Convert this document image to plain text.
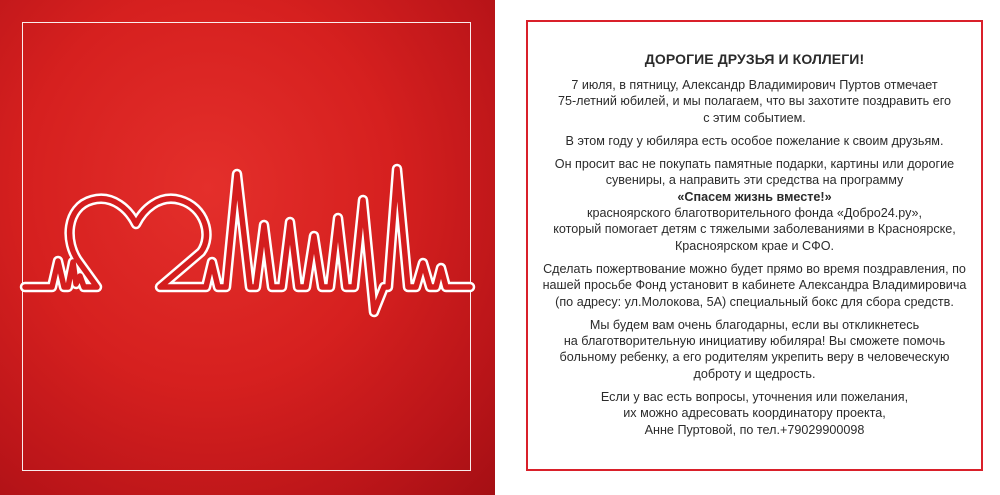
ДОРОГИЕ ДРУЗЬЯ И КОЛЛЕГИ!

7 июля, в пятницу, Александр Владимирович Пуртов отмечает
75-летний юбилей, и мы полагаем, что вы захотите поздравить его
с этим событием.

В этом году у юбиляра есть особое пожелание к своим друзьям.

Он просит вас не покупать памятные подарки, картины или дорогие
сувениры, а направить эти средства на программу
«Спасем жизнь вместе!»
красноярского благотворительного фонда «Добро24.ру»,
который помогает детям с тяжелыми заболеваниями в Красноярске,
Красноярском крае и СФО.

Сделать пожертвование можно будет прямо во время поздравления, по
нашей просьбе Фонд установит в кабинете Александра Владимировича
(по адресу: ул.Молокова, 5А) специальный бокс для сбора средств.

Мы будем вам очень благодарны, если вы откликнетесь
на благотворительную инициативу юбиляра! Вы сможете помочь
больному ребенку, а его родителям укрепить веру в человеческую
доброту и щедрость.

Если у вас есть вопросы, уточнения или пожелания,
их можно адресовать координатору проекта,
Анне Пуртовой, по тел.+79029900098
